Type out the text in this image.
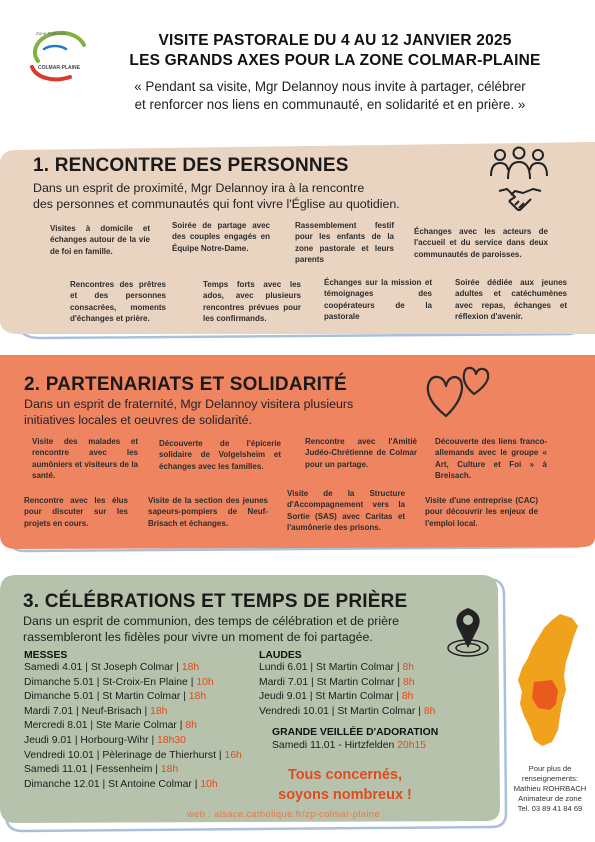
Zone Pastorale
COLMAR-PLAINE
VISITE PASTORALE DU 4 AU 12 JANVIER 2025
LES GRANDS AXES POUR LA ZONE COLMAR-PLAINE
« Pendant sa visite, Mgr Delannoy nous invite à partager, célébrer
et renforcer nos liens en communauté, en solidarité et en prière. »
1. RENCONTRE DES PERSONNES
Dans un esprit de proximité, Mgr Delannoy ira à la rencontre
des personnes et communautés qui font vivre l'Église au quotidien.
Visites à domicile et échanges autour de la vie de foi en famille.
Soirée de partage avec des couples engagés en Équipe Notre-Dame.
Rassemblement festif pour les enfants de la zone pastorale et leurs parents
Échanges avec les acteurs de l'accueil et du service dans deux communautés de paroisses.
Rencontres des prêtres et des personnes consacrées, moments d'échanges et prière.
Temps forts avec les ados, avec plusieurs rencontres prévues pour les confirmands.
Échanges sur la mission et témoignages des coopérateurs de la pastorale
Soirée dédiée aux jeunes adultes et catéchumènes avec repas, échanges et réflexion d'avenir.
2. PARTENARIATS ET SOLIDARITÉ
Dans un esprit de fraternité, Mgr Delannoy visitera plusieurs
initiatives locales et oeuvres de solidarité.
Visite des malades et rencontre avec les aumôniers et visiteurs de la santé.
Découverte de l'épicerie solidaire de Volgelsheim et échanges avec les familles.
Rencontre avec l'Amitié Judéo-Chrétienne de Colmar pour un partage.
Découverte des liens franco-allemands avec le groupe « Art, Culture et Foi » à Breisach.
Rencontre avec les élus pour discuter sur les projets en cours.
Visite de la section des jeunes sapeurs-pompiers de Neuf-Brisach et échanges.
Visite de la Structure d'Accompagnement vers la Sortie (SAS) avec Caritas et l'aumônerie des prisons.
Visite d'une entreprise (CAC) pour découvrir les enjeux de l'emploi local.
3. CÉLÉBRATIONS ET TEMPS DE PRIÈRE
Dans un esprit de communion, des temps de célébration et de prière
rassembleront les fidèles pour vivre un moment de foi partagée.
MESSES
Samedi 4.01 | St Joseph Colmar | 18h
Dimanche 5.01 | St-Croix-En Plaine | 10h
Dimanche 5.01 | St Martin Colmar | 18h
Mardi 7.01 | Neuf-Brisach | 18h
Mercredi 8.01 | Ste Marie Colmar | 8h
Jeudi 9.01 | Horbourg-Wihr | 18h30
Vendredi 10.01 | Pèlerinage de Thierhurst | 16h
Samedi 11.01 | Fessenheim | 18h
Dimanche 12.01 | St Antoine Colmar | 10h
LAUDES
Lundi 6.01 | St Martin Colmar | 8h
Mardi 7.01 | St Martin Colmar | 8h
Jeudi 9.01 | St Martin Colmar | 8h
Vendredi 10.01 | St Martin Colmar | 8h
GRANDE VEILLÉE D'ADORATION
Samedi 11.01 - Hirtzfelden 20h15
Tous concernés,
soyons nombreux !
web : alsace.catholique.fr/zp-colmar-plaine
Pour plus de
renseignements:
Mathieu ROHRBACH
Animateur de zone
Tel. 03 89 41 84 69
